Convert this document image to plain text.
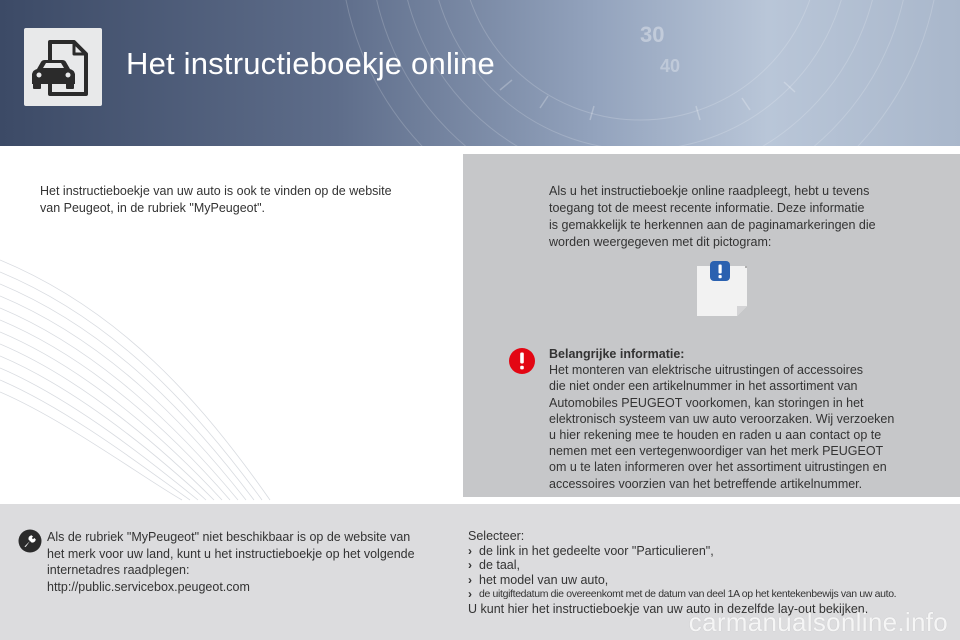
30
40
Het instructieboekje online
Het instructieboekje van uw auto is ook te vinden op de website
van Peugeot, in de rubriek "MyPeugeot".
Als u het instructieboekje online raadpleegt, hebt u tevens
toegang tot de meest recente informatie. Deze informatie
is gemakkelijk te herkennen aan de paginamarkeringen die
worden weergegeven met dit pictogram:
Belangrijke informatie:
Het monteren van elektrische uitrustingen of accessoires
die niet onder een artikelnummer in het assortiment van
Automobiles PEUGEOT voorkomen, kan storingen in het
elektronisch systeem van uw auto veroorzaken. Wij verzoeken
u hier rekening mee te houden en raden u aan contact op te
nemen met een vertegenwoordiger van het merk PEUGEOT
om u te laten informeren over het assortiment uitrustingen en
accessoires voorzien van het betreffende artikelnummer.
Als de rubriek "MyPeugeot" niet beschikbaar is op de website van
het merk voor uw land, kunt u het instructieboekje op het volgende
internetadres raadplegen:
http://public.servicebox.peugeot.com
Selecteer:
› de link in het gedeelte voor "Particulieren",
› de taal,
› het model van uw auto,
› de uitgiftedatum die overeenkomt met de datum van deel 1A op het kentekenbewijs van uw auto.
U kunt hier het instructieboekje van uw auto in dezelfde lay-out bekijken.
carmanualsonline.info
